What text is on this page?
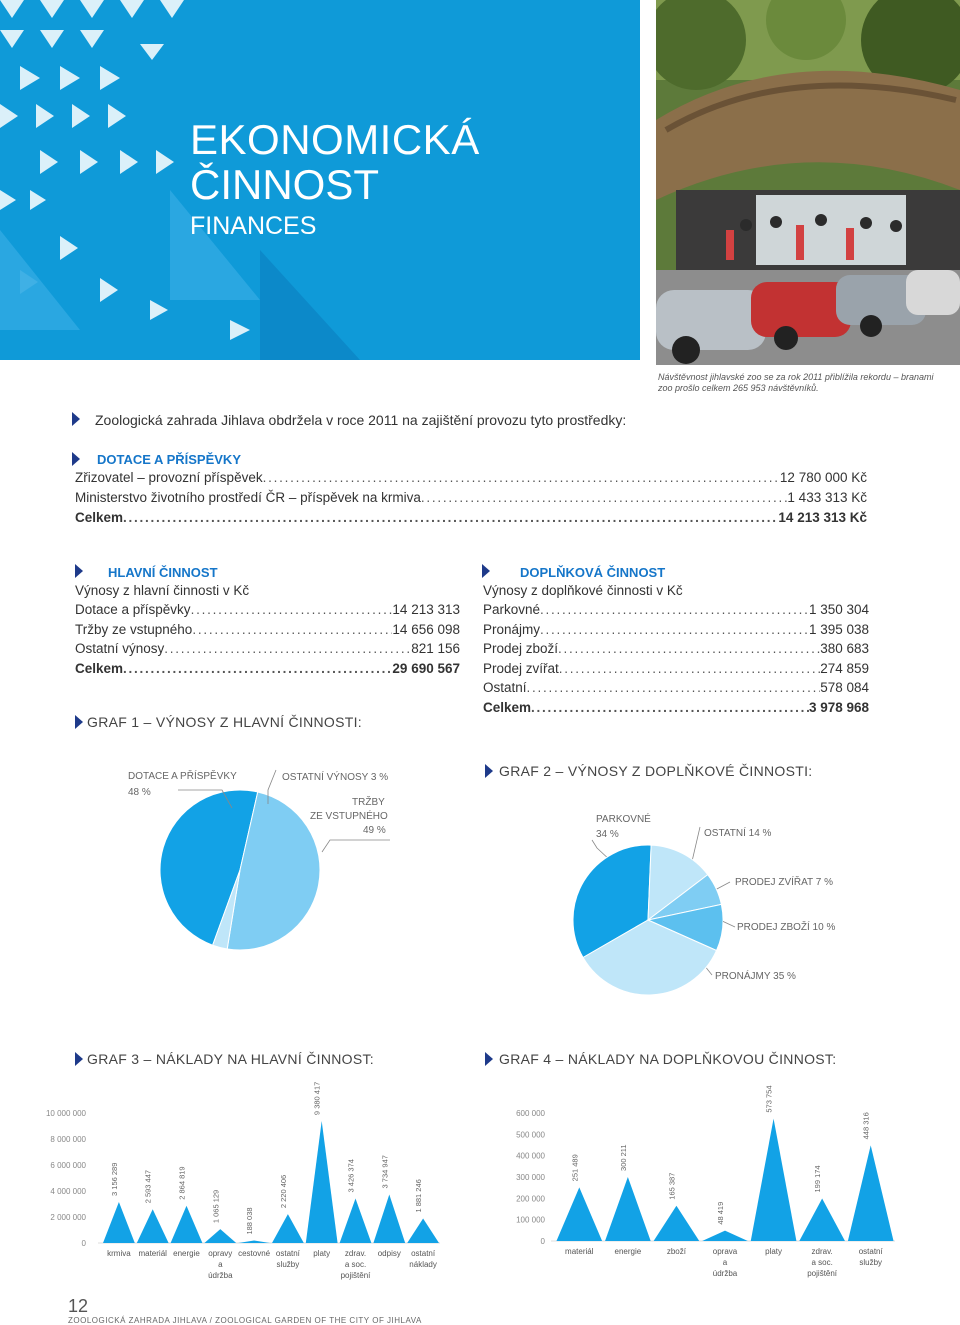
EKONOMICKÁ
ČINNOST
FINANCES
Návštěvnost jihlavské zoo se za rok 2011 přiblížila rekordu – branami zoo prošlo celkem 265 953 návštěvníků.
Zoologická zahrada Jihlava obdržela v roce 2011 na zajištění provozu tyto prostředky:
DOTACE A PŘÍSPĚVKY
Zřizovatel – provozní příspěvek . . .	12 780 000 Kč
Ministerstvo životního prostředí ČR – příspěvek na krmiva . . .	1 433 313 Kč
Celkem . . .	14 213 313 Kč
HLAVNÍ ČINNOST
Výnosy z hlavní činnosti v Kč
Dotace a příspěvky . . .	14 213 313
Tržby ze vstupného . . .	14 656 098
Ostatní výnosy . . .	821 156
Celkem . . .	29 690 567
DOPLŇKOVÁ ČINNOST
Výnosy z doplňkové činnosti v Kč
Parkovné . . .	1 350 304
Pronájmy . . .	1 395 038
Prodej zboží . . .	380 683
Prodej zvířat . . .	274 859
Ostatní . . .	578 084
Celkem . . .	3 978 968
GRAF 1 – VÝNOSY Z HLAVNÍ ČINNOSTI:
GRAF 2 – VÝNOSY Z DOPLŇKOVÉ ČINNOSTI:
GRAF 3 – NÁKLADY NA HLAVNÍ ČINNOST:	GRAF 4 – NÁKLADY NA DOPLŇKOVOU ČINNOST:
DOTACE A PŘÍSPĚVKY
48 %
OSTATNÍ VÝNOSY 3 %
TRŽBY
ZE VSTUPNÉHO
49 %
PARKOVNÉ
34 %	OSTATNÍ 14 %
PRODEJ ZVÍŘAT 7 %
PRODEJ ZBOŽÍ 10 %
PRONÁJMY 35 %
0
2 000 000
4 000 000
6 000 000
8 000 000
10 000 000
3 156 289
krmiva
2 593 447
materiál
2 864 819
energie
1 065 129
opravy
a
údržba
188 038
cestovné
2 220 406
ostatní
služby
9 380 417
platy
3 426 374
zdrav.
a soc.
pojištění
3 734 947
odpisy
1 881 246
ostatní
náklady
0
100 000
200 000
300 000
400 000
500 000
600 000
251 489
materiál
300 211
energie
165 387
zboží
48 419
oprava
a
údržba
573 754
platy
199 174
zdrav.
a soc.
pojištění
448 316
ostatní
služby
12
ZOOLOGICKÁ ZAHRADA JIHLAVA / ZOOLOGICAL GARDEN OF THE CITY OF JIHLAVA
